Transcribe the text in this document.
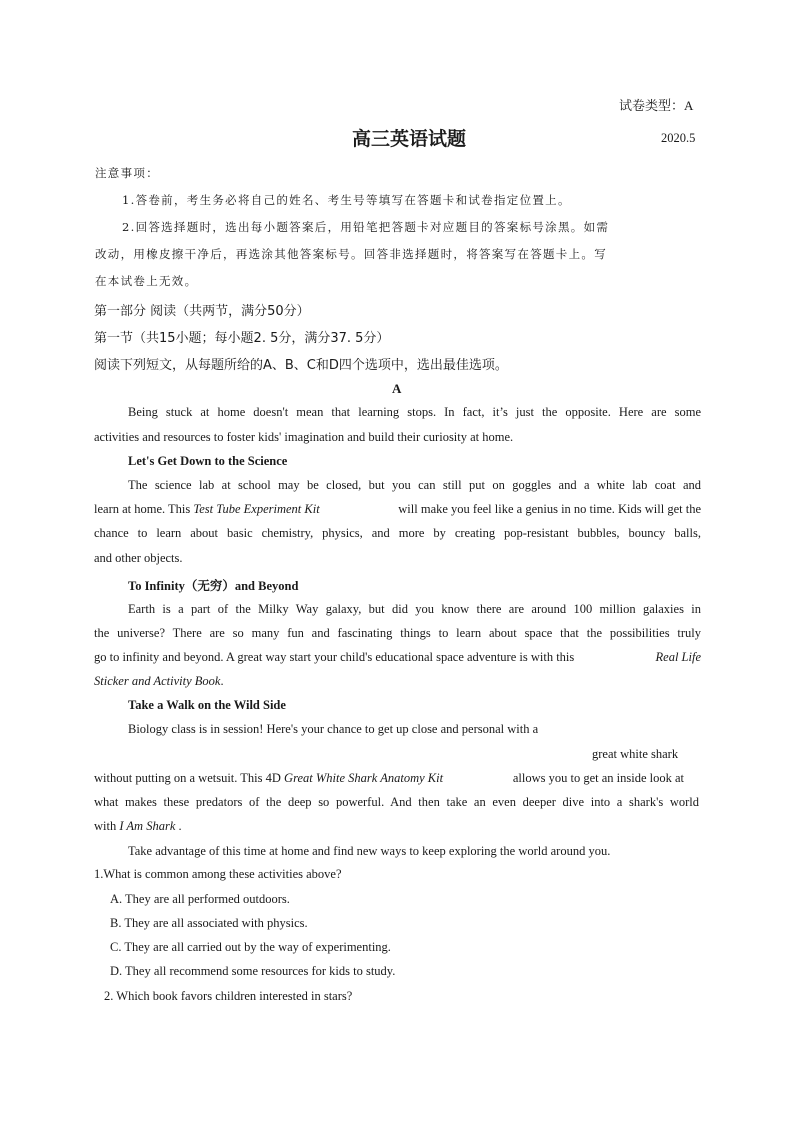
试卷类型：A
高三英语试题	2020.5
注意事项：
1.答卷前，考生务必将自己的姓名、考生号等填写在答题卡和试卷指定位置上。
2.回答选择题时，选出每小题答案后，用铅笔把答题卡对应题目的答案标号涂黑。如需
改动，用橡皮擦干净后，再选涂其他答案标号。回答非选择题时，将答案写在答题卡上。写
在本试卷上无效。
第一部分 阅读（共两节，满分50分）
第一节（共15小题；每小题2. 5分，满分37. 5分）
阅读下列短文，从每题所给的A、B、C和D四个选项中，选出最佳选项。
A
Being stuck at home doesn't mean that learning stops. In fact, it’s just the opposite. Here are some
activities and resources to foster kids' imagination and build their curiosity at home.
Let's Get Down to the Science
The science lab at school may be closed, but you can still put on goggles and a white lab coat and
learn at home. This Test Tube Experiment Kit	will make you feel like a genius in no time. Kids will get the
chance to learn about basic chemistry, physics, and more by creating pop-resistant bubbles, bouncy balls,
and other objects.
To Infinity（无穷）and Beyond
Earth is a part of the Milky Way galaxy, but did you know there are around 100 million galaxies in
the universe? There are so many fun and fascinating things to learn about space that the possibilities truly
go to infinity and beyond. A great way start your child's educational space adventure is with this	Real Life
Sticker and Activity Book.
Take a Walk on the Wild Side
Biology class is in session! Here's your chance to get up close and personal with a
great white shark
without putting on a wetsuit. This 4D Great White Shark Anatomy Kit	allows you to get an inside look at
what makes these predators of the deep so powerful. And then take an even deeper dive into a shark's world
with I Am Shark .
Take advantage of this time at home and find new ways to keep exploring the world around you.
1.What is common among these activities above?
A. They are all performed outdoors.
B. They are all associated with physics.
C. They are all carried out by the way of experimenting.
D. They all recommend some resources for kids to study.
2. Which book favors children interested in stars?
